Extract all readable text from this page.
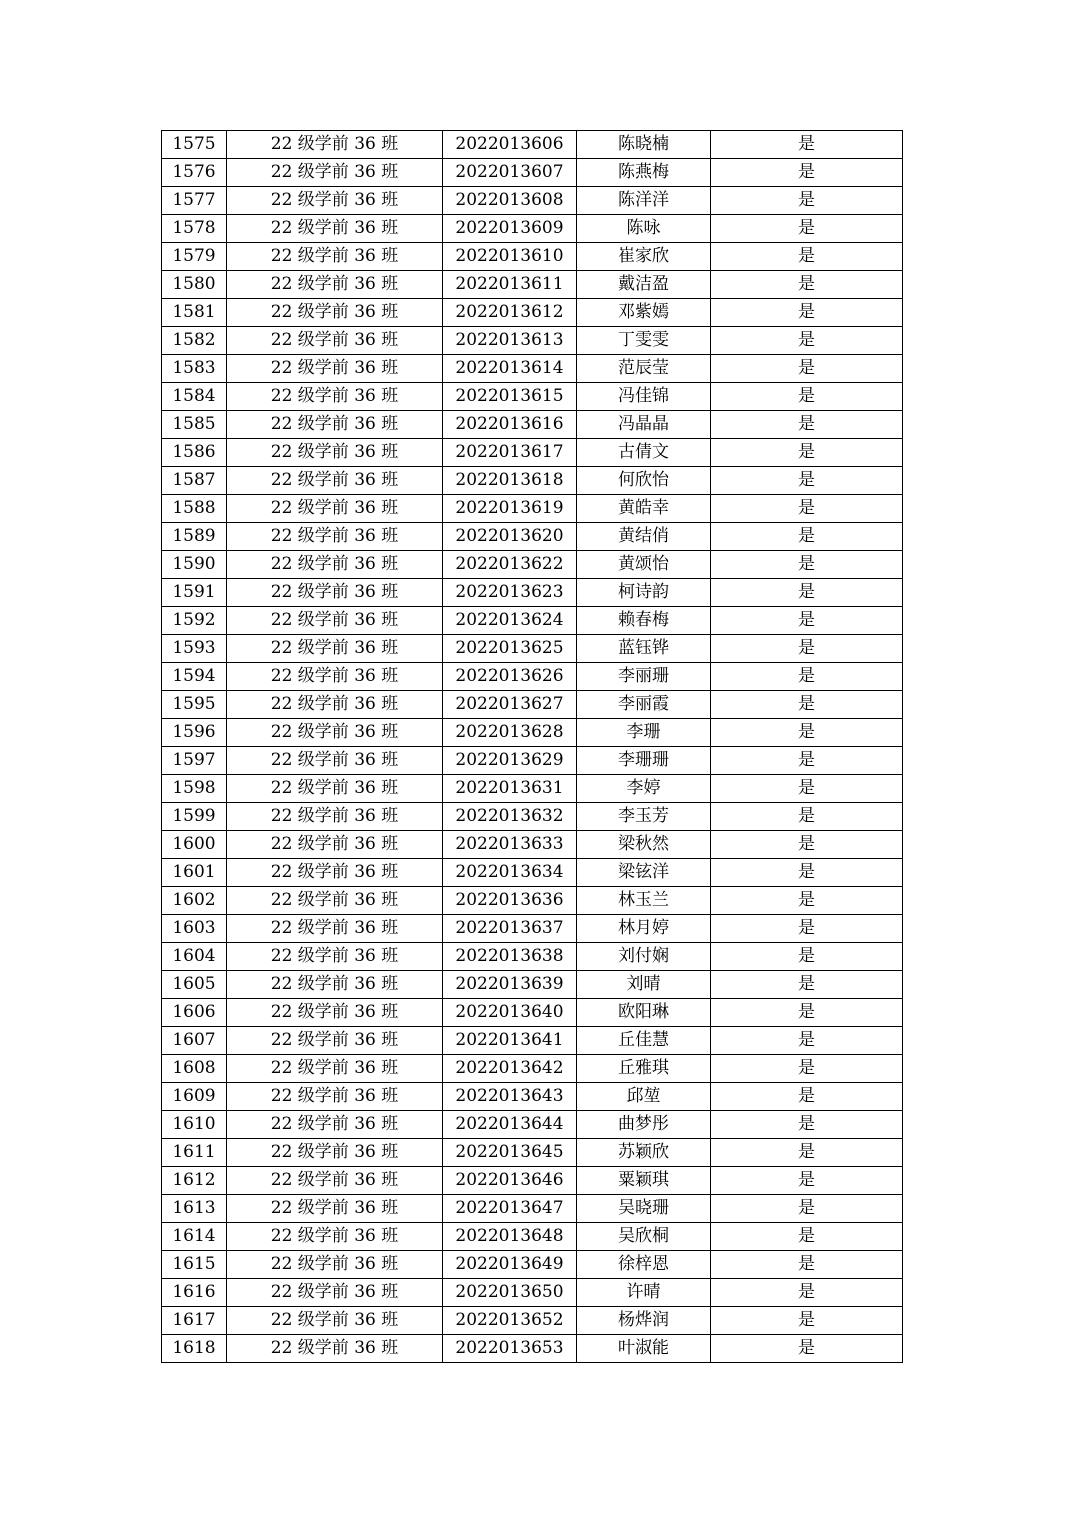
1575	22 级学前 36 班	2022013606	陈晓楠	是
1576	22 级学前 36 班	2022013607	陈燕梅	是
1577	22 级学前 36 班	2022013608	陈洋洋	是
1578	22 级学前 36 班	2022013609	陈咏	是
1579	22 级学前 36 班	2022013610	崔家欣	是
1580	22 级学前 36 班	2022013611	戴洁盈	是
1581	22 级学前 36 班	2022013612	邓紫嫣	是
1582	22 级学前 36 班	2022013613	丁雯雯	是
1583	22 级学前 36 班	2022013614	范辰莹	是
1584	22 级学前 36 班	2022013615	冯佳锦	是
1585	22 级学前 36 班	2022013616	冯晶晶	是
1586	22 级学前 36 班	2022013617	古倩文	是
1587	22 级学前 36 班	2022013618	何欣怡	是
1588	22 级学前 36 班	2022013619	黄皓幸	是
1589	22 级学前 36 班	2022013620	黄结俏	是
1590	22 级学前 36 班	2022013622	黄颂怡	是
1591	22 级学前 36 班	2022013623	柯诗韵	是
1592	22 级学前 36 班	2022013624	赖春梅	是
1593	22 级学前 36 班	2022013625	蓝钰铧	是
1594	22 级学前 36 班	2022013626	李丽珊	是
1595	22 级学前 36 班	2022013627	李丽霞	是
1596	22 级学前 36 班	2022013628	李珊	是
1597	22 级学前 36 班	2022013629	李珊珊	是
1598	22 级学前 36 班	2022013631	李婷	是
1599	22 级学前 36 班	2022013632	李玉芳	是
1600	22 级学前 36 班	2022013633	梁秋然	是
1601	22 级学前 36 班	2022013634	梁铉洋	是
1602	22 级学前 36 班	2022013636	林玉兰	是
1603	22 级学前 36 班	2022013637	林月婷	是
1604	22 级学前 36 班	2022013638	刘付娴	是
1605	22 级学前 36 班	2022013639	刘晴	是
1606	22 级学前 36 班	2022013640	欧阳琳	是
1607	22 级学前 36 班	2022013641	丘佳慧	是
1608	22 级学前 36 班	2022013642	丘雅琪	是
1609	22 级学前 36 班	2022013643	邱堃	是
1610	22 级学前 36 班	2022013644	曲梦彤	是
1611	22 级学前 36 班	2022013645	苏颖欣	是
1612	22 级学前 36 班	2022013646	粟颖琪	是
1613	22 级学前 36 班	2022013647	吴晓珊	是
1614	22 级学前 36 班	2022013648	吴欣桐	是
1615	22 级学前 36 班	2022013649	徐梓恩	是
1616	22 级学前 36 班	2022013650	许晴	是
1617	22 级学前 36 班	2022013652	杨烨润	是
1618	22 级学前 36 班	2022013653	叶淑能	是
